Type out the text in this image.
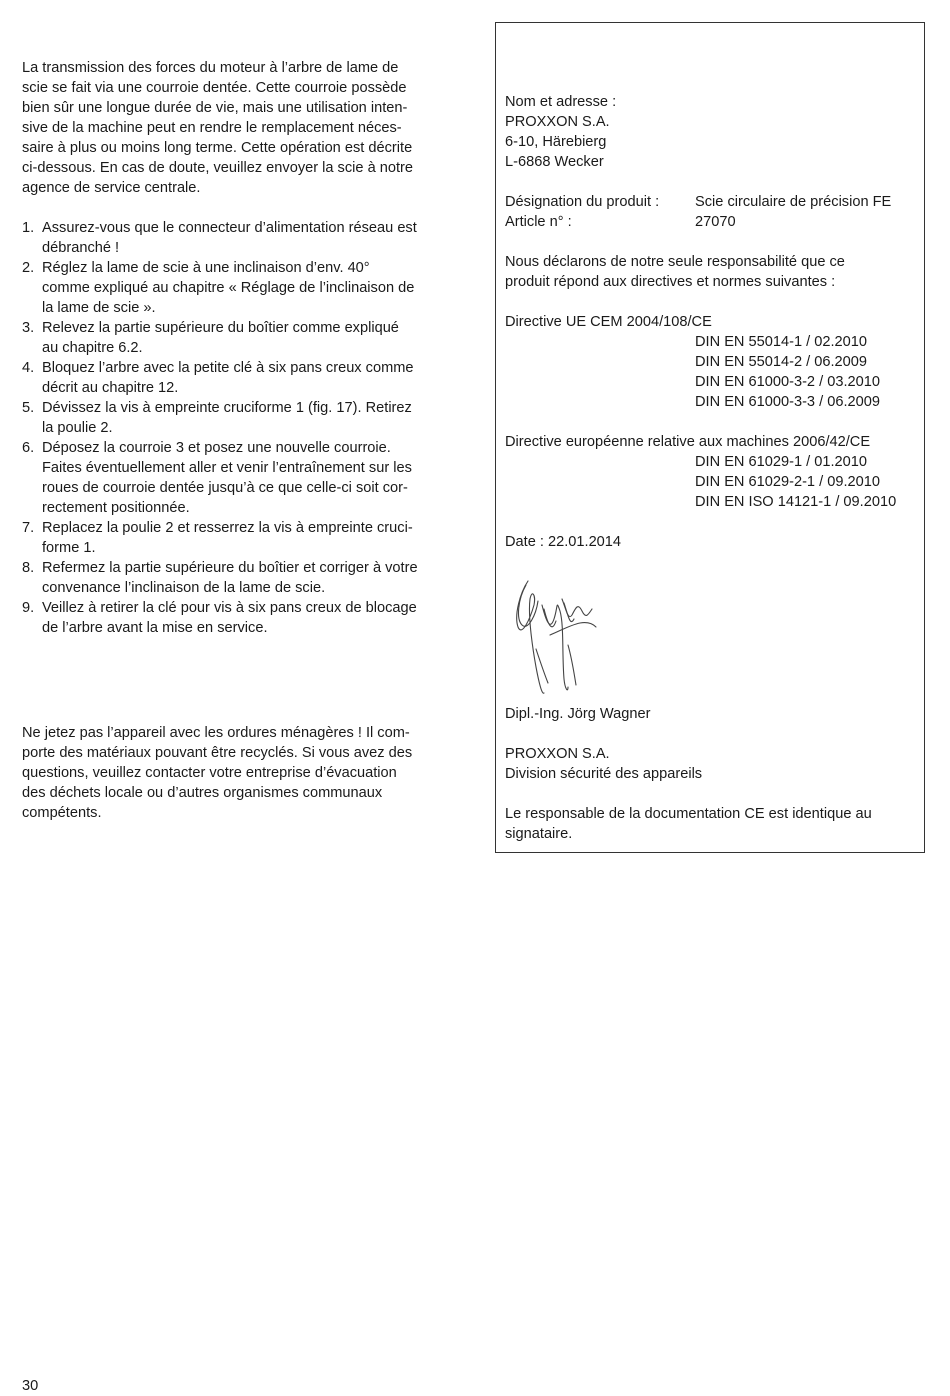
La transmission des forces du moteur à l’arbre de lame de

scie se fait via une courroie dentée. Cette courroie possède

bien sûr une longue durée de vie, mais une utilisation inten-

sive de la machine peut en rendre le remplacement néces-

saire à plus ou moins long terme. Cette opération est décrite

ci-dessous. En cas de doute, veuillez envoyer la scie à notre

agence de service centrale.

1. Assurez-vous que le connecteur d’alimentation réseau est
débranché !
2. Réglez la lame de scie à une inclinaison d’env. 40°
comme expliqué au chapitre « Réglage de l’inclinaison de
la lame de scie ».
3. Relevez la partie supérieure du boîtier comme expliqué
au chapitre 6.2.
4. Bloquez l’arbre avec la petite clé à six pans creux comme
décrit au chapitre 12.
5. Dévissez la vis à empreinte cruciforme 1 (fig. 17). Retirez
la poulie 2.
6. Déposez la courroie 3 et posez une nouvelle courroie.
Faites éventuellement aller et venir l’entraînement sur les
roues de courroie dentée jusqu’à ce que celle-ci soit cor-
rectement positionnée.
7. Replacez la poulie 2 et resserrez la vis à empreinte cruci-
forme 1.
8. Refermez la partie supérieure du boîtier et corriger à votre
convenance l’inclinaison de la lame de scie.
9. Veillez à retirer la clé pour vis à six pans creux de blocage
de l’arbre avant la mise en service.

Ne jetez pas l’appareil avec les ordures ménagères ! Il com-

porte des matériaux pouvant être recyclés. Si vous avez des

questions, veuillez contacter votre entreprise d’évacuation

des déchets locale ou d’autres organismes communaux

compétents.

Nom et adresse :

PROXXON S.A.

6-10, Härebierg

L-6868 Wecker

Désignation du produit :	Scie circulaire de précision FE
Article n° :	27070

Nous déclarons de notre seule responsabilité que ce

produit répond aux directives et normes suivantes :

Directive UE CEM 2004/108/CE

DIN EN 55014-1 / 02.2010

DIN EN 55014-2 / 06.2009

DIN EN 61000-3-2 / 03.2010

DIN EN 61000-3-3 / 06.2009

Directive européenne relative aux machines 2006/42/CE

DIN EN 61029-1 / 01.2010

DIN EN 61029-2-1 / 09.2010

DIN EN ISO 14121-1 / 09.2010

Date : 22.01.2014

Dipl.-Ing. Jörg Wagner

PROXXON S.A.

Division sécurité des appareils

Le responsable de la documentation CE est identique au

signataire.

30
